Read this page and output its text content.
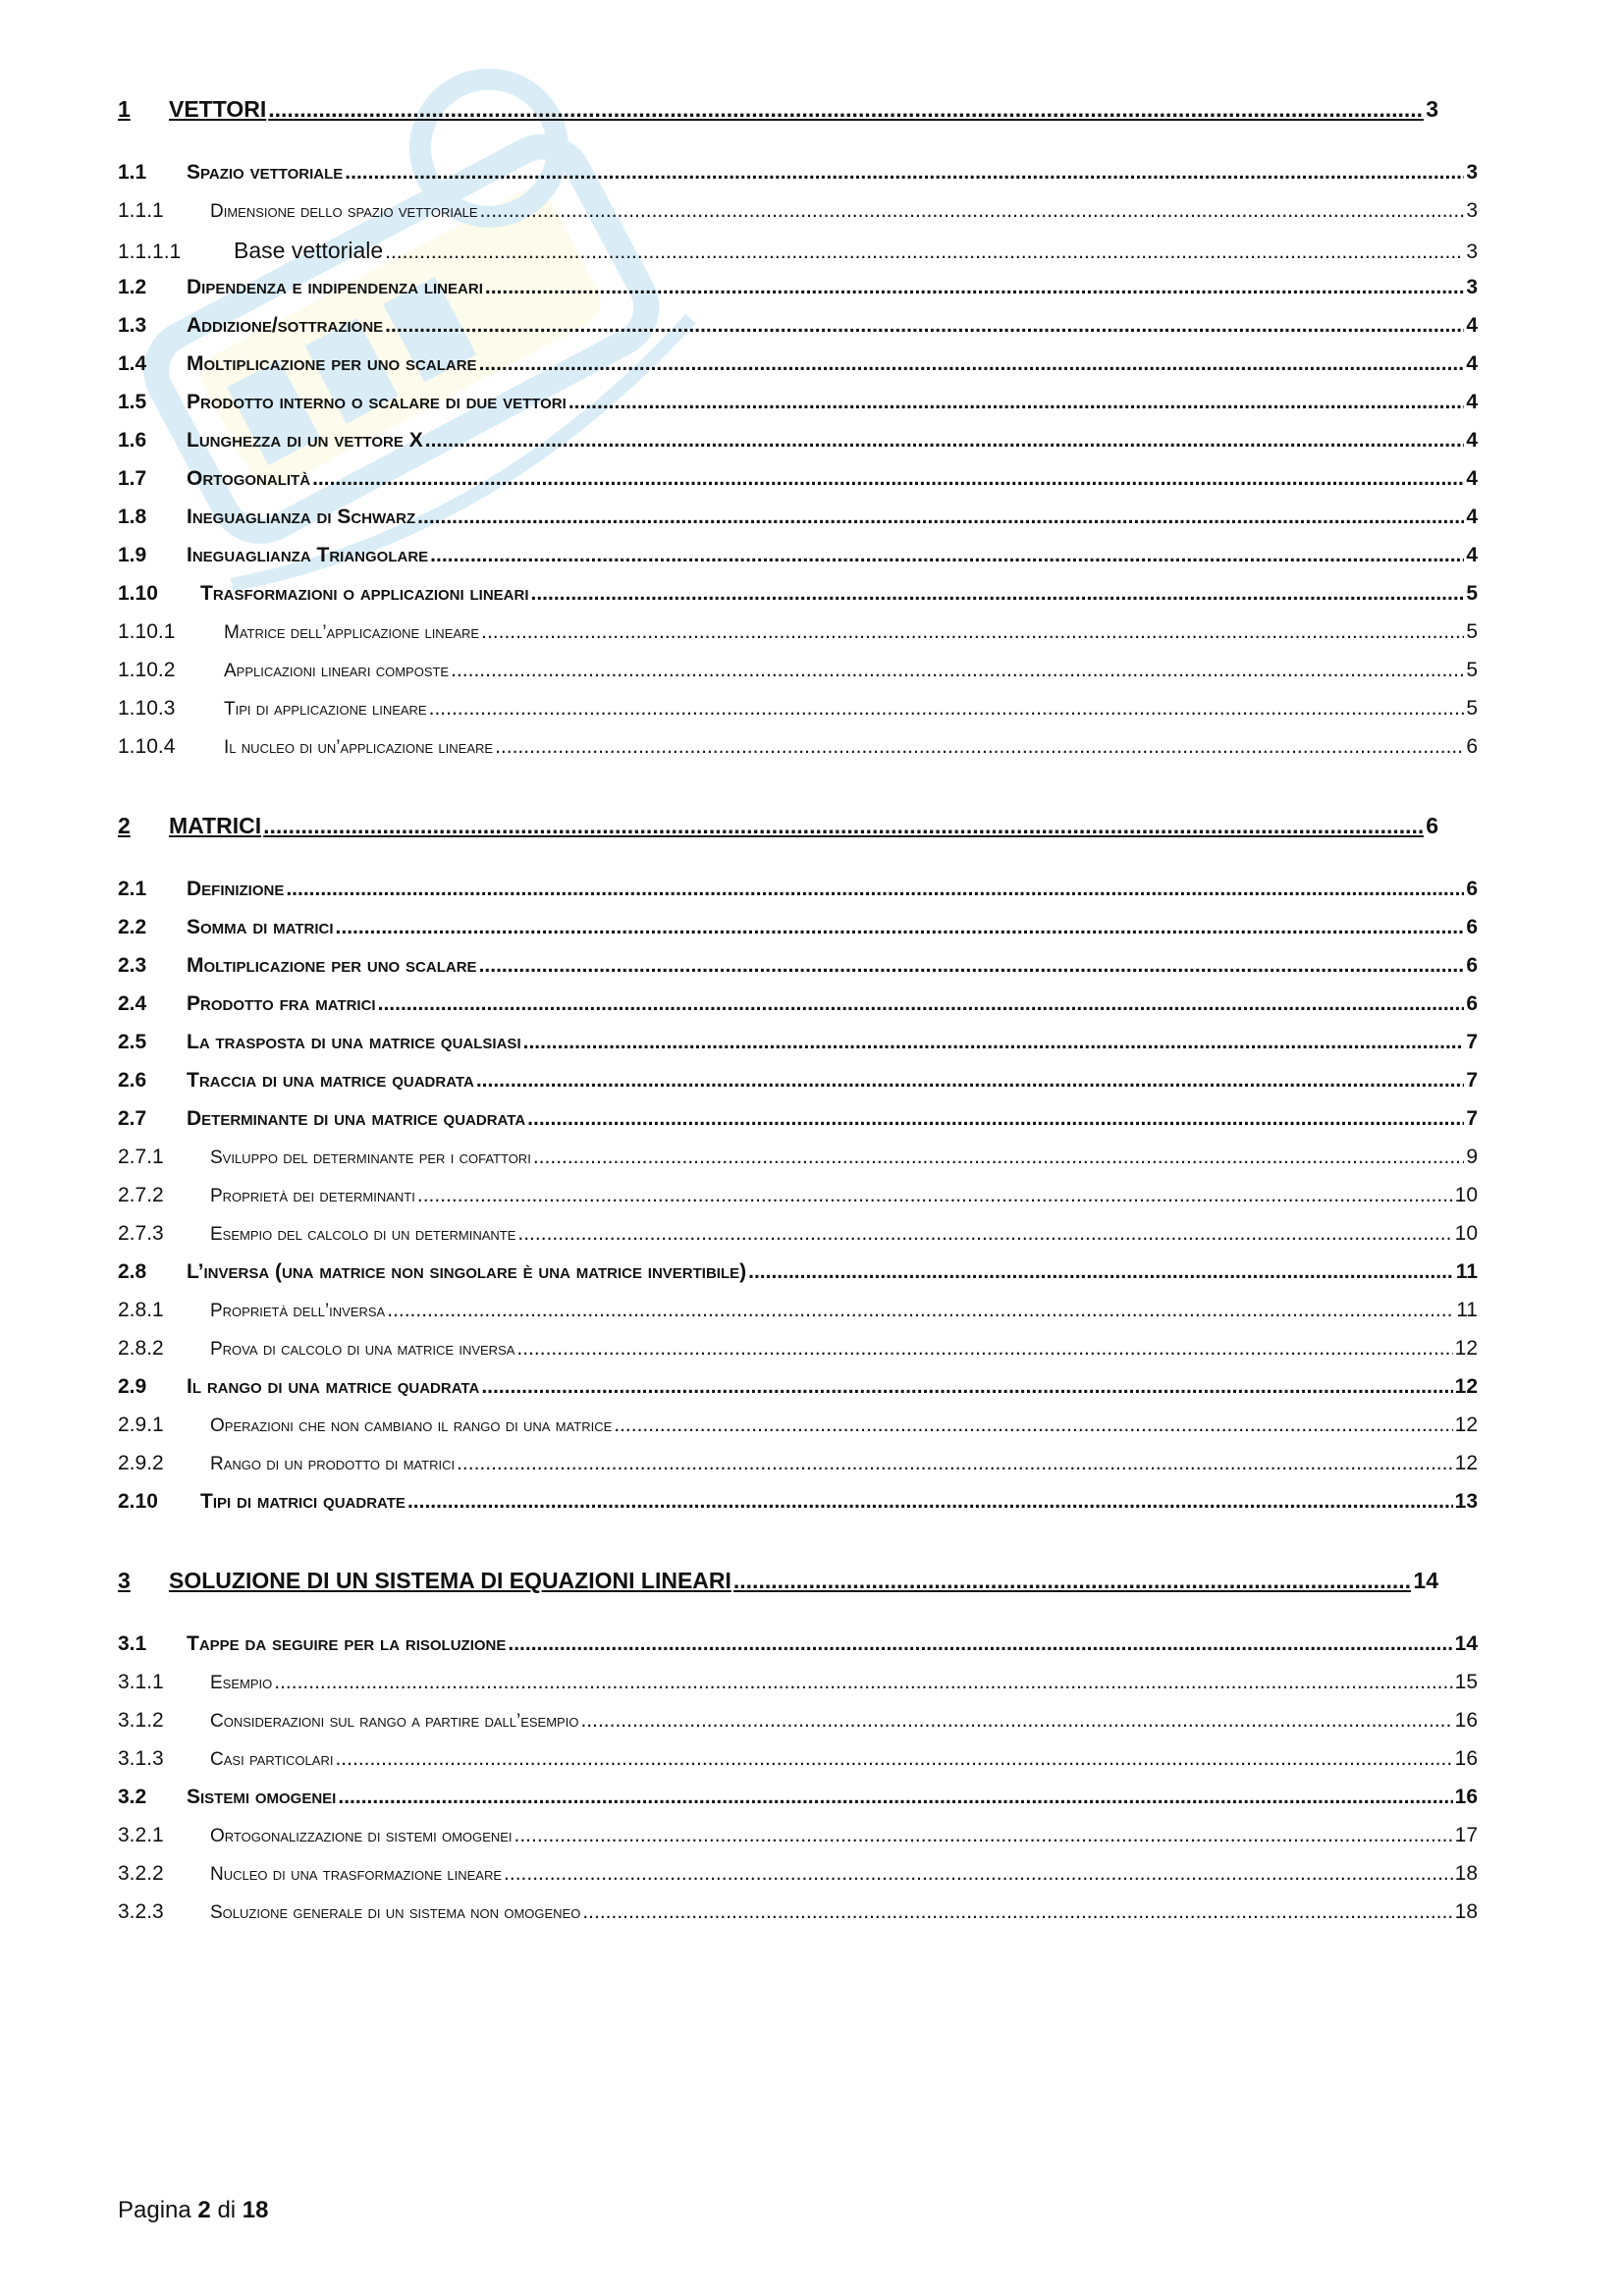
1	VETTORI .....	3
1.1	Spazio vettoriale .....	3
1.1.1	Dimensione dello spazio vettoriale .....	3
1.1.1.1	Base vettoriale .....	3
1.2	Dipendenza e indipendenza lineari .....	3
1.3	Addizione/sottrazione .....	4
1.4	Moltiplicazione per uno scalare .....	4
1.5	Prodotto interno o scalare di due vettori .....	4
1.6	Lunghezza di un vettore X .....	4
1.7	Ortogonalità .....	4
1.8	Ineguaglianza di Schwarz .....	4
1.9	Ineguaglianza Triangolare .....	4
1.10	Trasformazioni o applicazioni lineari .....	5
1.10.1	Matrice dell’applicazione lineare .....	5
1.10.2	Applicazioni lineari composte .....	5
1.10.3	Tipi di applicazione lineare .....	5
1.10.4	Il nucleo di un’applicazione lineare .....	6
2	MATRICI .....	6
2.1	Definizione .....	6
2.2	Somma di matrici .....	6
2.3	Moltiplicazione per uno scalare .....	6
2.4	Prodotto fra matrici .....	6
2.5	La trasposta di una matrice qualsiasi .....	7
2.6	Traccia di una matrice quadrata .....	7
2.7	Determinante di una matrice quadrata .....	7
2.7.1	Sviluppo del determinante per i cofattori .....	9
2.7.2	Proprietà dei determinanti .....	10
2.7.3	Esempio del calcolo di un determinante .....	10
2.8	L’inversa (una matrice non singolare è una matrice invertibile) .....	11
2.8.1	Proprietà dell’inversa .....	11
2.8.2	Prova di calcolo di una matrice inversa .....	12
2.9	Il rango di una matrice quadrata .....	12
2.9.1	Operazioni che non cambiano il rango di una matrice .....	12
2.9.2	Rango di un prodotto di matrici .....	12
2.10	Tipi di matrici quadrate .....	13
3	SOLUZIONE DI UN SISTEMA DI EQUAZIONI LINEARI .....	14
3.1	Tappe da seguire per la risoluzione .....	14
3.1.1	Esempio .....	15
3.1.2	Considerazioni sul rango a partire dall’esempio .....	16
3.1.3	Casi particolari .....	16
3.2	Sistemi omogenei .....	16
3.2.1	Ortogonalizzazione di sistemi omogenei .....	17
3.2.2	Nucleo di una trasformazione lineare .....	18
3.2.3	Soluzione generale di un sistema non omogeneo .....	18
Pagina 2 di 18
